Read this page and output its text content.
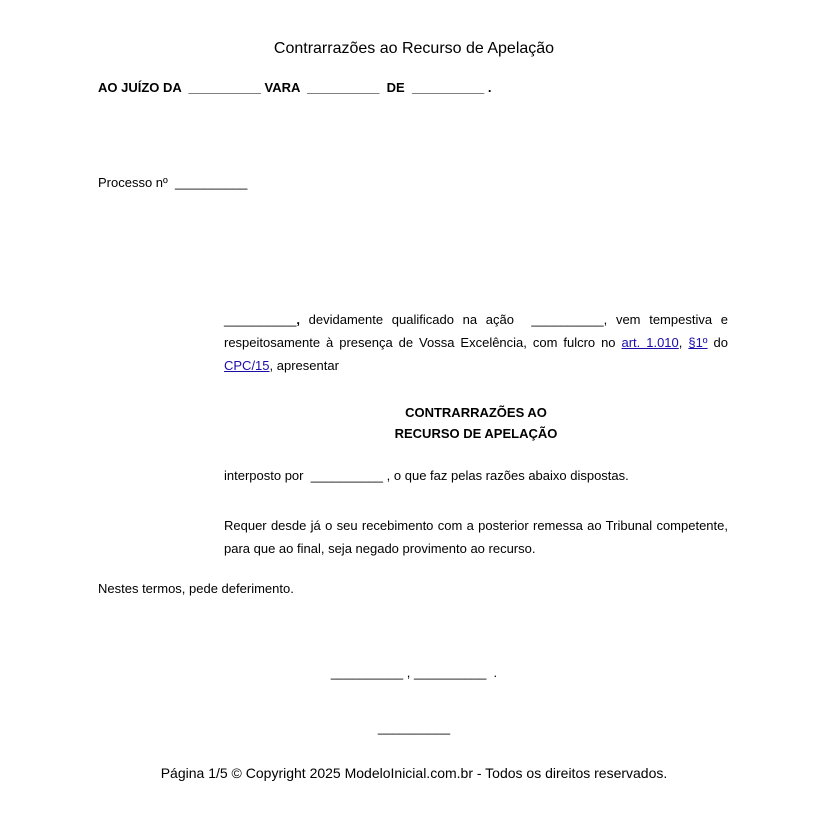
Contrarrazões ao Recurso de Apelação
AO JUÍZO DA __________ VARA __________ DE __________ .
Processo nº __________
__________, devidamente qualificado na ação __________, vem tempestiva e respeitosamente à presença de Vossa Excelência, com fulcro no art. 1.010, §1º do CPC/15, apresentar
CONTRARRAZÕES AO
RECURSO DE APELAÇÃO
interposto por __________ , o que faz pelas razões abaixo dispostas.
Requer desde já o seu recebimento com a posterior remessa ao Tribunal competente, para que ao final, seja negado provimento ao recurso.
Nestes termos, pede deferimento.
__________ , __________ .
__________
Página 1/5 © Copyright 2025 ModeloInicial.com.br - Todos os direitos reservados.
